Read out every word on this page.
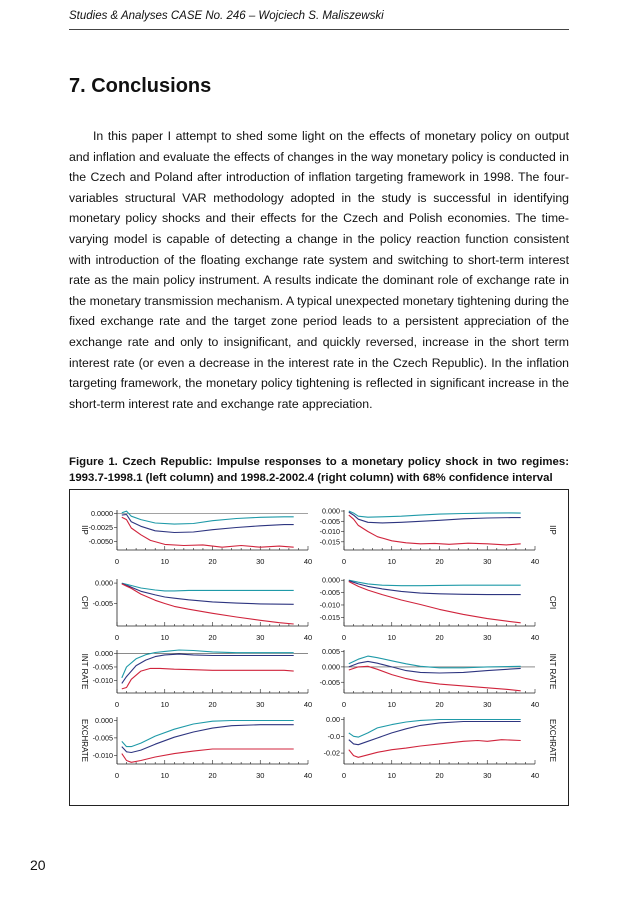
Studies & Analyses CASE No. 246 – Wojciech S. Maliszewski
7. Conclusions

In this paper I attempt to shed some light on the effects of monetary policy on output and inflation and evaluate the effects of changes in the way monetary policy is conducted in the Czech and Poland after introduction of inflation targeting framework in 1998. The four-variables structural VAR methodology adopted in the study is successful in identifying monetary policy shocks and their effects for the Czech and Polish economies. The time-varying model is capable of detecting a change in the policy reaction function consistent with introduction of the floating exchange rate system and switching to short-term interest rate as the main policy instrument. A results indicate the dominant role of exchange rate in the monetary transmission mechanism. A typical unexpected monetary tightening during the fixed exchange rate and the target zone period leads to a persistent appreciation of the exchange rate and only to insignificant, and quickly reversed, increase in the short term interest rate (or even a decrease in the interest rate in the Czech Republic). In the inflation targeting framework, the monetary policy tightening is reflected in significant increase in the short-term interest rate and exchange rate appreciation.

Figure 1. Czech Republic: Impulse responses to a monetary policy shock in two regimes: 1993.7-1998.1 (left column) and 1998.2-2002.4 (right column) with 68% confidence interval

0	10	20	30	40
0.0000
-0.0025
-0.0050
IIP
0	10	20	30	40
0.000
-0.005
-0.010
-0.015
IIP
0	10	20	30	40
0.000
-0.005
CPI
0	10	20	30	40
0.000
-0.005
-0.010
-0.015
CPI
0	10	20	30	40
0.000
-0.005
-0.010
INT RATE
0	10	20	30	40
0.005
0.000
-0.005	INT RATE
0	10	20	30	40
0.000
-0.005
-0.010
EXCHRATE
0	10	20	30	40
0.00
-0.0
-0.02	EXCHRATE
20
